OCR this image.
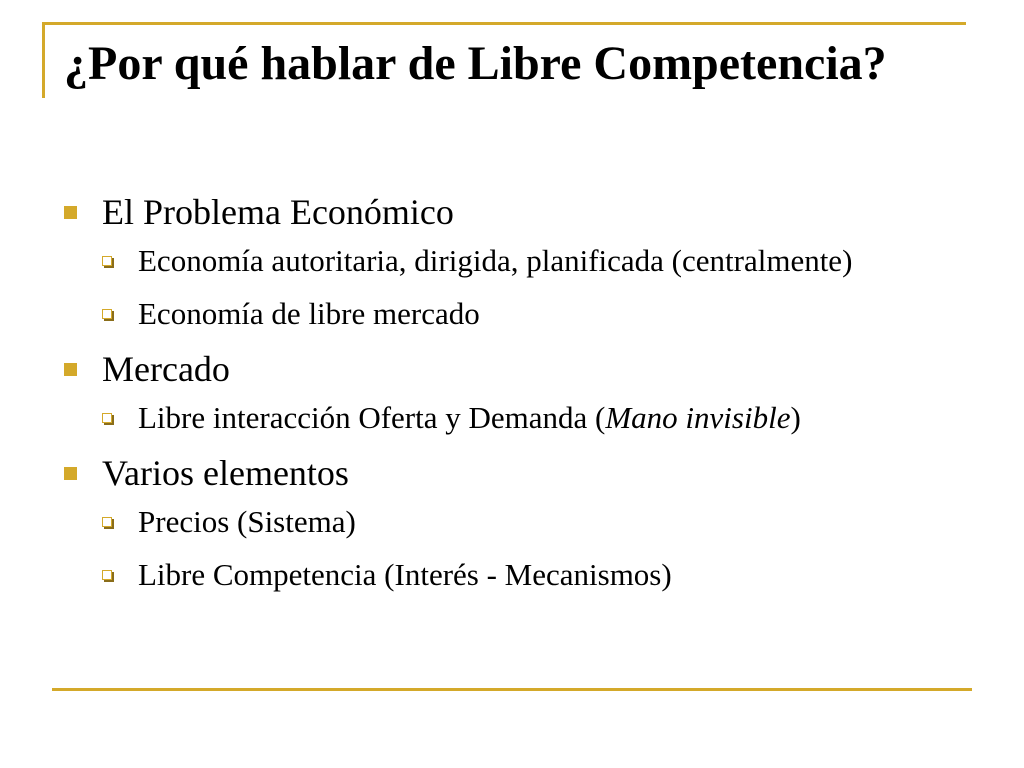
¿Por qué hablar de Libre Competencia?
El Problema Económico
Economía autoritaria, dirigida, planificada (centralmente)
Economía de libre mercado
Mercado
Libre interacción Oferta y Demanda (Mano invisible)
Varios elementos
Precios (Sistema)
Libre Competencia (Interés - Mecanismos)
